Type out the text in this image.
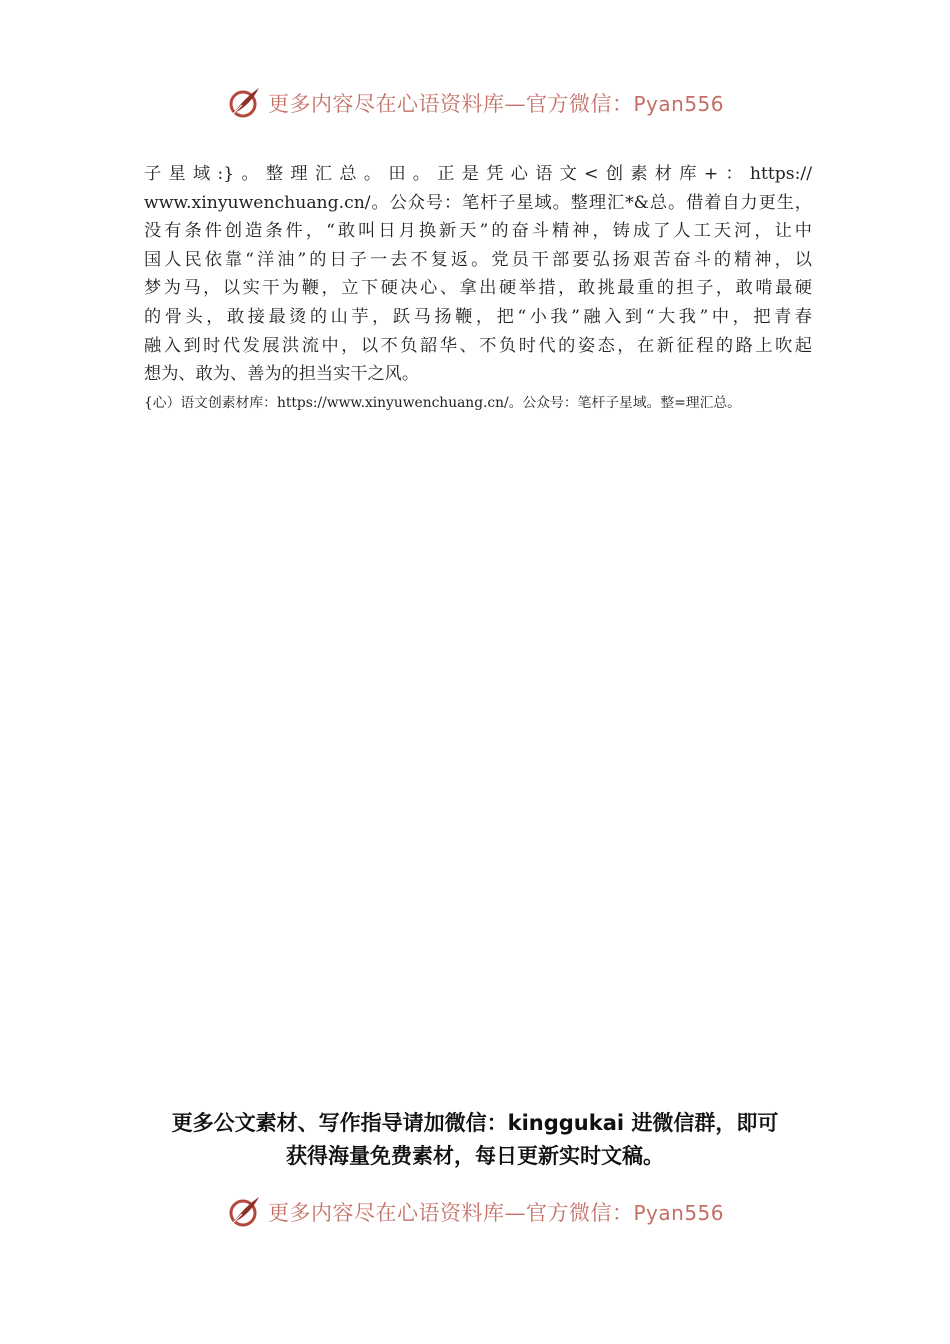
更多内容尽在心语资料库—官方微信：Pyan556
子星域:}。整理汇总。田。正是凭心语文<创素材库+：https://
www.xinyuwenchuang.cn/。公众号：笔杆子星域。整理汇*&总。借着自力更生，
没有条件创造条件，“敢叫日月换新天”的奋斗精神，铸成了人工天河，让中
国人民依靠“洋油”的日子一去不复返。党员干部要弘扬艰苦奋斗的精神，以
梦为马，以实干为鞭，立下硬决心、拿出硬举措，敢挑最重的担子，敢啃最硬
的骨头，敢接最烫的山芋，跃马扬鞭，把“小我”融入到“大我”中，把青春
融入到时代发展洪流中，以不负韶华、不负时代的姿态，在新征程的路上吹起
想为、敢为、善为的担当实干之风。
{心）语文创素材库：https://www.xinyuwenchuang.cn/。公众号：笔杆子星域。整=理汇总。
更多公文素材、写作指导请加微信：kinggukai 进微信群，即可
获得海量免费素材，每日更新实时文稿。
更多内容尽在心语资料库—官方微信：Pyan556
